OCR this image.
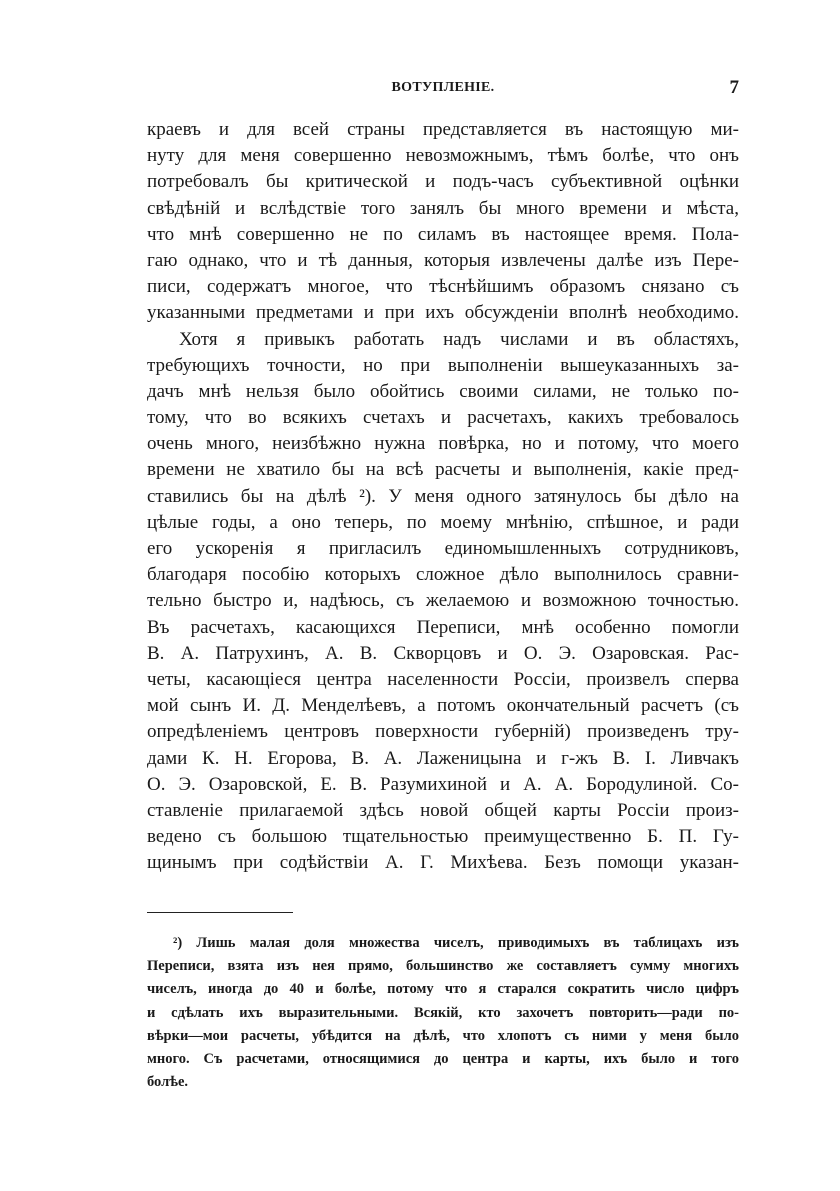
ВОТУПЛЕНІЕ.	7
краевъ и для всей страны представляется въ настоящую ми-
нуту для меня совершенно невозможнымъ, тѣмъ болѣе, что онъ
потребовалъ бы критической и подъ-часъ субъективной оцѣнки
свѣдѣній и вслѣдствіе того занялъ бы много времени и мѣста,
что мнѣ совершенно не по силамъ въ настоящее время. Пола-
гаю однако, что и тѣ данныя, которыя извлечены далѣе изъ Пере-
писи, содержатъ многое, что тѣснѣйшимъ образомъ снязано съ
указанными предметами и при ихъ обсужденіи вполнѣ необходимо.
Хотя я привыкъ работать надъ числами и въ областяхъ,
требующихъ точности, но при выполненіи вышеуказанныхъ за-
дачъ мнѣ нельзя было обойтись своими силами, не только по-
тому, что во всякихъ счетахъ и расчетахъ, какихъ требовалось
очень много, неизбѣжно нужна повѣрка, но и потому, что моего
времени не хватило бы на всѣ расчеты и выполненія, какіе пред-
ставились бы на дѣлѣ ²). У меня одного затянулось бы дѣло на
цѣлые годы, а оно теперь, по моему мнѣнію, спѣшное, и ради
его ускоренія я пригласилъ единомышленныхъ сотрудниковъ,
благодаря пособію которыхъ сложное дѣло выполнилось сравни-
тельно быстро и, надѣюсь, съ желаемою и возможною точностью.
Въ расчетахъ, касающихся Переписи, мнѣ особенно помогли
В. А. Патрухинъ, А. В. Скворцовъ и О. Э. Озаровская. Рас-
четы, касающіеся центра населенности Россіи, произвелъ сперва
мой сынъ И. Д. Менделѣевъ, а потомъ окончательный расчетъ (съ
опредѣленіемъ центровъ поверхности губерній) произведенъ тру-
дами К. Н. Егорова, В. А. Лаженицына и г-жъ В. І. Ливчакъ
О. Э. Озаровской, Е. В. Разумихиной и А. А. Бородулиной. Со-
ставленіе прилагаемой здѣсь новой общей карты Россіи произ-
ведено съ большою тщательностью преимущественно Б. П. Гу-
щинымъ при содѣйствіи А. Г. Михѣева. Безъ помощи указан-
²) Лишь малая доля множества чиселъ, приводимыхъ въ таблицахъ изъ
Переписи, взята изъ нея прямо, большинство же составляетъ сумму многихъ
чиселъ, иногда до 40 и болѣе, потому что я старался сократить число цифръ
и сдѣлать ихъ выразительными. Всякій, кто захочетъ повторить—ради по-
вѣрки—мои расчеты, убѣдится на дѣлѣ, что хлопотъ съ ними у меня было
много. Съ расчетами, относящимися до центра и карты, ихъ было и того
болѣе.
